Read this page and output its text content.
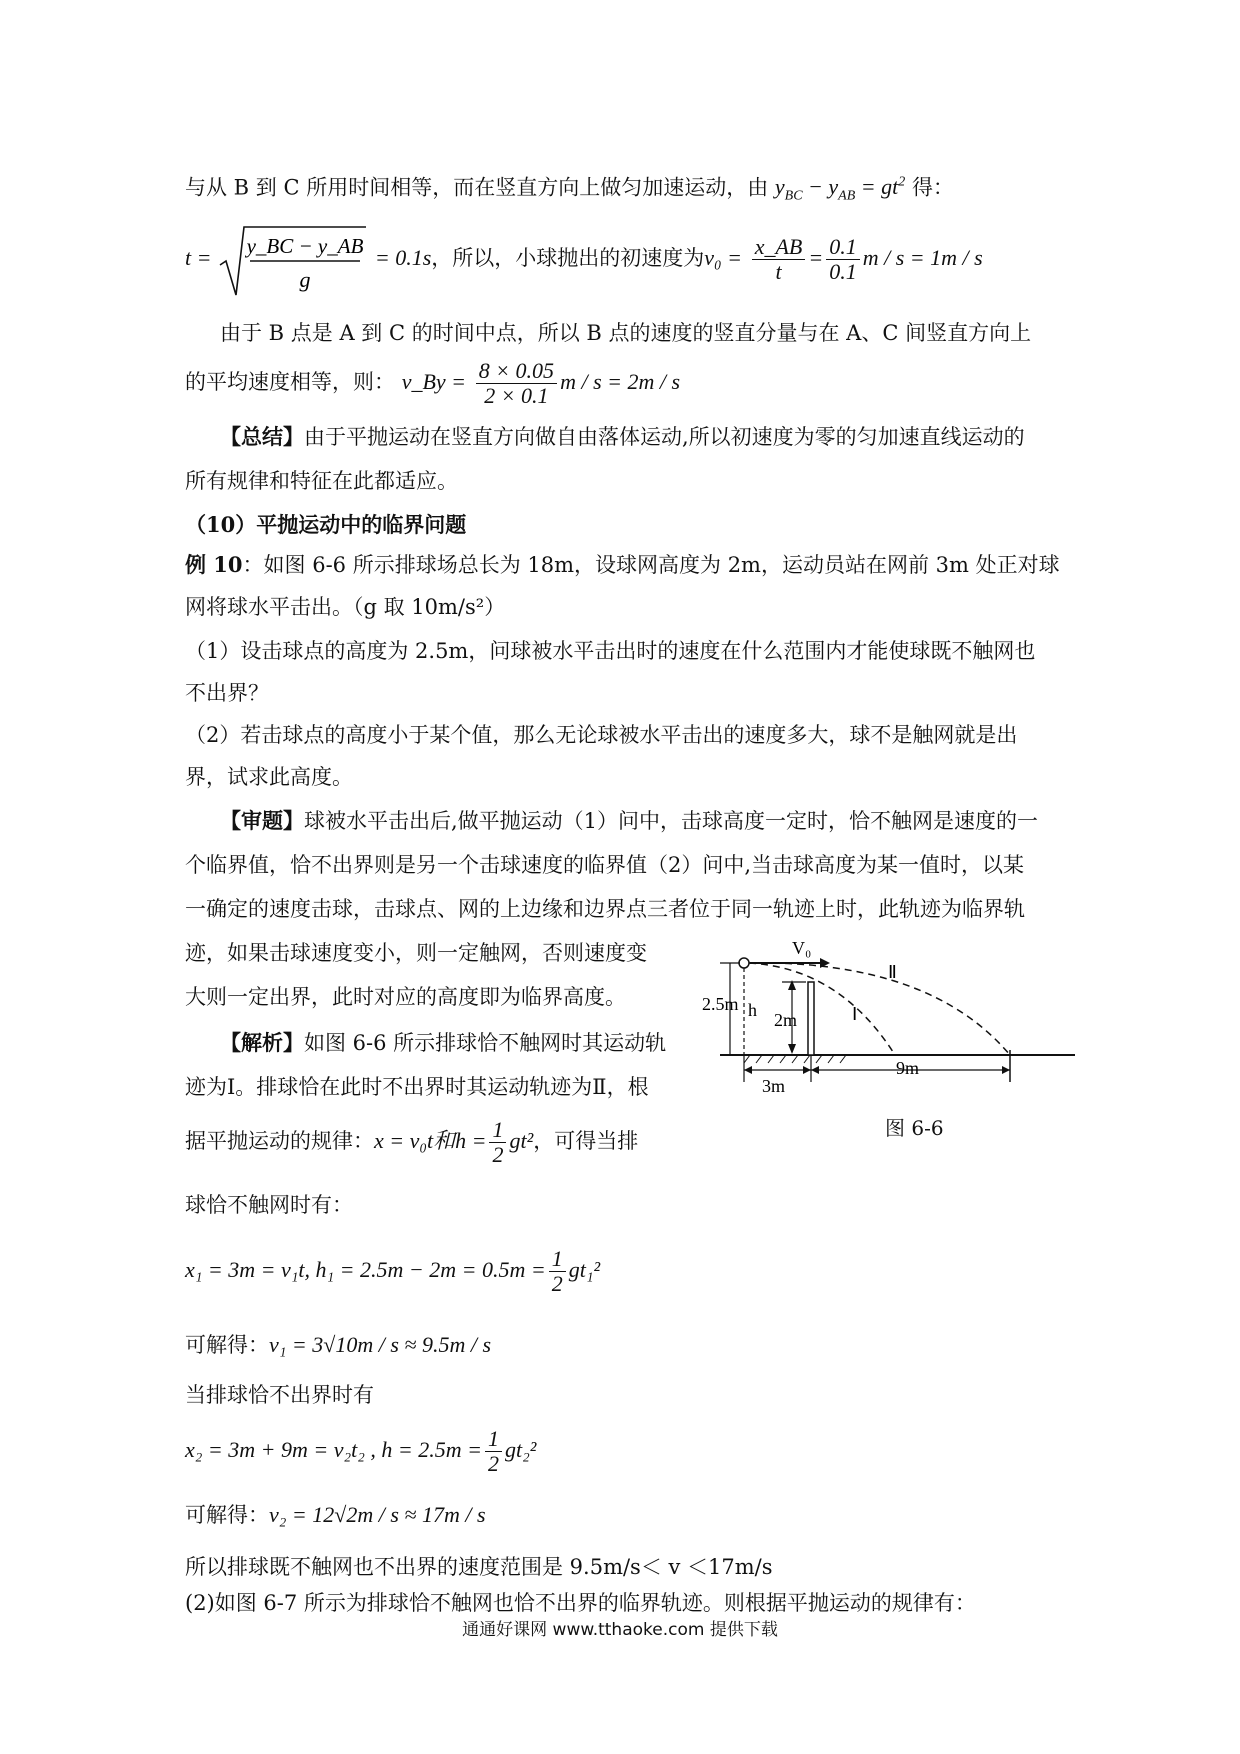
与从 B 到 C 所用时间相等，而在竖直方向上做匀加速运动，由 $y_{BC} - y_{AB} = gt^2$ 得：
t = y_BC − y_AB
g
= 0.1s，所以，小球抛出的初速度为$v_0 = \frac{x\_AB}{t} = \frac{0.1}{0.1}$ m / s = 1m / s
由于 B 点是 A 到 C 的时间中点，所以 B 点的速度的竖直分量与在 A、C 间竖直方向上
的平均速度相等，则： v_By = $\frac{8 \times 0.05}{2 \times 0.1}$ m / s = 2m / s
【总结】由于平抛运动在竖直方向做自由落体运动,所以初速度为零的匀加速直线运动的
所有规律和特征在此都适应。
（10）平抛运动中的临界问题
例 10：如图 6-6 所示排球场总长为 18m，设球网高度为 2m，运动员站在网前 3m 处正对球
网将球水平击出。（g 取 10m/s²）
（1）设击球点的高度为 2.5m，问球被水平击出时的速度在什么范围内才能使球既不触网也
不出界？
（2）若击球点的高度小于某个值，那么无论球被水平击出的速度多大，球不是触网就是出
界，试求此高度。
【审题】球被水平击出后,做平抛运动（1）问中，击球高度一定时，恰不触网是速度的一
个临界值，恰不出界则是另一个击球速度的临界值（2）问中,当击球高度为某一值时，以某
一确定的速度击球，击球点、网的上边缘和边界点三者位于同一轨迹上时，此轨迹为临界轨
迹，如果击球速度变小，则一定触网，否则速度变
大则一定出界，此时对应的高度即为临界高度。
【解析】如图 6-6 所示排球恰不触网时其运动轨
迹为Ⅰ。排球恰在此时不出界时其运动轨迹为Ⅱ，根
据平抛运动的规律：x = v₀t和$h = \frac{1}{2} gt^2$，可得当排
球恰不触网时有：
x₁ = 3m = v₁t, $h_1 = 2.5m - 2m = 0.5m = \frac{1}{2} gt_1^2$
可解得：v₁ = 3√10m / s ≈ 9.5m / s
当排球恰不出界时有
x₂ = 3m + 9m = v₂t₂ , $h = 2.5m = \frac{1}{2} gt_2^2$
可解得：v₂ = 12√2m / s ≈ 17m / s
所以排球既不触网也不出界的速度范围是 9.5m/s＜ v ＜17m/s
(2)如图 6-7 所示为排球恰不触网也恰不出界的临界轨迹。则根据平抛运动的规律有：
V₀
2m
2.5m h	Ⅰ
Ⅱ
3m
9m
图 6-6
通通好课网 www.tthaoke.com 提供下载
